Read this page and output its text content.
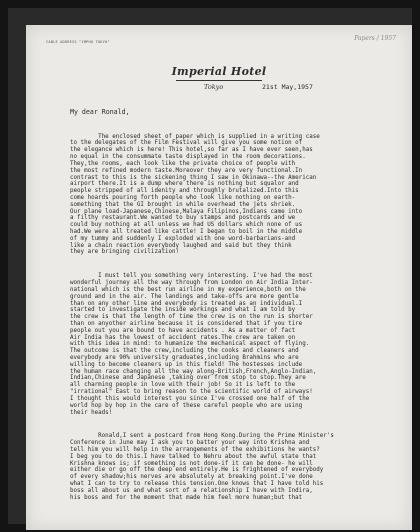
CABLE ADDRESS "IMPHO TOKYO"	Papers / 1957
Imperial Hotel
Tokyo	21st May,1957
My dear Ronald,

The enclosed sheet of paper which is supplied in a writing case
to the delegates of the Film Festival will give you some notion of
the elegance which is here! This hotel,so far as I have ever seen,has
no equal in the consummate taste displayed in the room decorations.
They,the rooms, each look like the private choice of people with
the most refined modern taste.Moreover they are very functional.In
contrast to this is the sickening thing I saw in Okinawa--the American
airport there.It is a dump where there is nothing but squalor and
people stripped of all idenity and throughly brutalized.Into this
come hoards pouring forth people who look like nothing on earth-
something that the GI brought in while overhead the jets shriek.
Our plane load-Japanese,Chinese,Malaya Filipinos,Indians came into
a filthy restaurant.We wanted to buy stamps and postcards and we
could buy nothing at all unless we had US dollars which none of us
had.We were all treated like cattle! I began to boil in the middle
of my tummy and suddenly I exploded with one word-barbarians-and
like a chain reaction everybody laughed and said but they think
they are bringing civilization!

I must tell you something very interesting. I've had the most
wonderful journey all the way through from London on Air India Inter-
national which is the best run airline in my experience,both on the
ground and in the air. The landings and take-offs are more gentle
than on any other line and everybody is treated as an individual.I
started to investigate the inside workings and what I am told by
the crew is that the length of time the crew is on the run is shorter
than on anyother airline because it is considered that if you tire
people out you are bound to have accidents . As a matter of fact
Air India has the lowest of accident rates.The crew are taken on
with this idea in mind: to humanize the mechanical aspect of flying.
The outcome is that the crew,including the cooks and cleaners and
everybody are 90% university graduates,including Brahmins who are
willing to become cleaners up in this field! The hostesses include
the human race changing all the way along-British,French,Anglo-Indian,
Indian,Chinese and Japanese ,taking over from stop to stop.They are
all charming people in love with their job! So it is left to the
"irrational" East to bring reason to the scientific world of airways!
I thought this would interest you since I've crossed one half of the
world hop by hop in the care of these careful people who are using
their heads!

Ronald,I sent a postcard from Hong Kong.During the Prime Minister's
Conference in June may I ask you to batter your way into Krishna and
tell him you will help in the arrangements of the exhibitions he wants?
I beg you to do this.I have talked to Nehru about the awful state that
Krishna knows is; if something is not done-if it can be done- he will
either die or go off the deep end entirely.He is frightened of everybody
of every shadow;his nerves are absolutely at breaking point.I've done
what I can to try to release this tension.One knows that I have told his
boss all about us and what sort of a relationship I have with Indira,
his boss and for the moment that made him feel more human;but that
